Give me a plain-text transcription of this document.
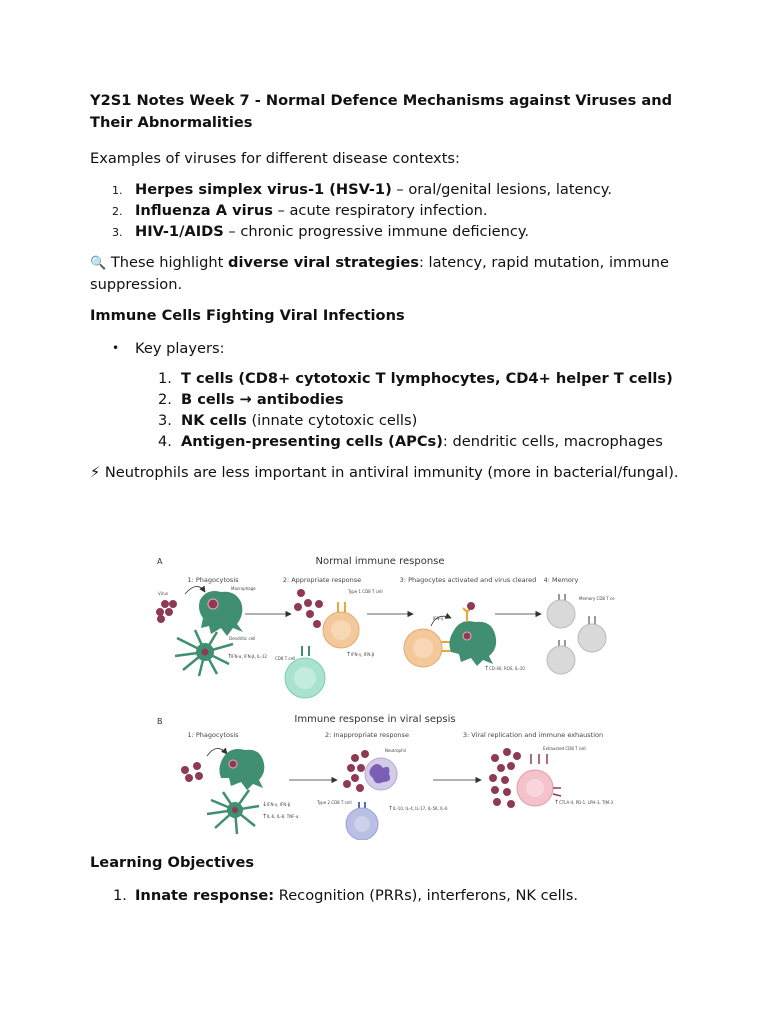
Y2S1 Notes Week 7 - Normal Defence Mechanisms against Viruses and Their Abnormalities

Examples of viruses for different disease contexts:

1. Herpes simplex virus-1 (HSV-1) – oral/genital lesions, latency.
2. Influenza A virus – acute respiratory infection.
3. HIV-1/AIDS – chronic progressive immune deficiency.

🔍 These highlight diverse viral strategies: latency, rapid mutation, immune suppression.

Immune Cells Fighting Viral Infections
• Key players:
1. T cells (CD8+ cytotoxic T lymphocytes, CD4+ helper T cells)
2. B cells → antibodies
3. NK cells (innate cytotoxic cells)
4. Antigen-presenting cells (APCs): dendritic cells, macrophages

⚡ Neutrophils are less important in antiviral immunity (more in bacterial/fungal).

A	Normal immune response
1: Phagocytosis	2: Appropriate response	3: Phagocytes activated and virus cleared 4: Memory
Virus
Macrophage
Dendritic cell
IFN-α, IFN-β, IL-12
↑
Type 1 CD8 T cell
IFN-γ, IFN-β
↑
CD8 T cell
IFN-γ
CD-40, ROS, IL-10
↑
Memory CD8 T cell
B	Immune response in viral sepsis
1: Phagocytosis	2: Inappropriate response	3: Viral replication and immune exhaustion
IFN-γ, IFN-β
↓
IL-6, IL-8, TNF-α
↑
Neutrophil
Type 2 CD8 T cell
IL-10, IL-4, IL-17, IL-5K, IL-6
↑
Exhausted CD8 T cell
CTLA-4, PD-1, LPH-3, TIM-3
↑
Learning Objectives
1. Innate response: Recognition (PRRs), interferons, NK cells.
